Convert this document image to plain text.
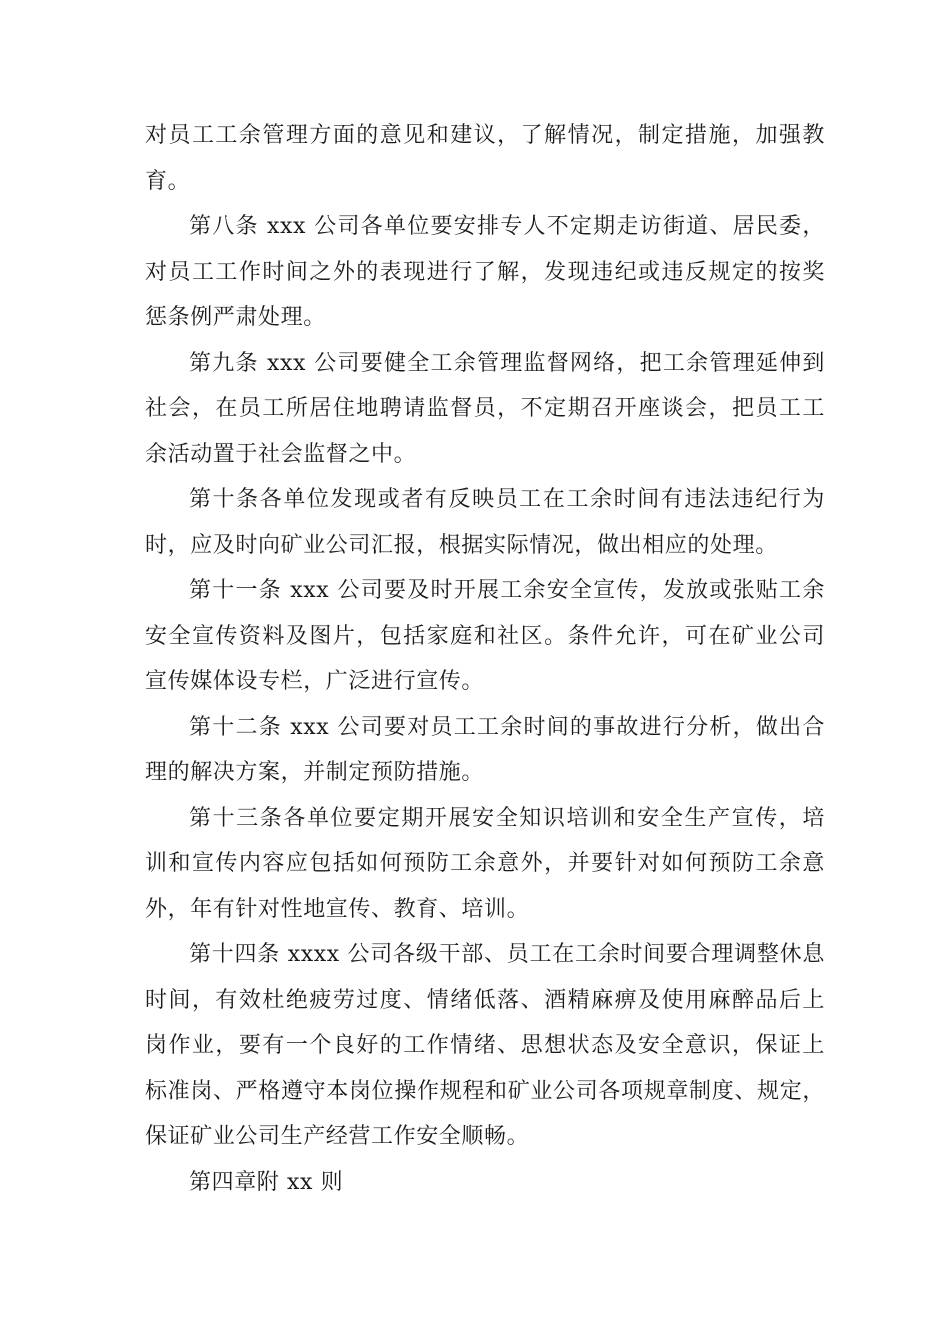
对员工工余管理方面的意见和建议，了解情况，制定措施，加强教
育。
第八条 xxx 公司各单位要安排专人不定期走访街道、居民委，
对员工工作时间之外的表现进行了解，发现违纪或违反规定的按奖
惩条例严肃处理。
第九条 xxx 公司要健全工余管理监督网络，把工余管理延伸到
社会，在员工所居住地聘请监督员，不定期召开座谈会，把员工工
余活动置于社会监督之中。
第十条各单位发现或者有反映员工在工余时间有违法违纪行为
时，应及时向矿业公司汇报，根据实际情况，做出相应的处理。
第十一条 xxx 公司要及时开展工余安全宣传，发放或张贴工余
安全宣传资料及图片，包括家庭和社区。条件允许，可在矿业公司
宣传媒体设专栏，广泛进行宣传。
第十二条 xxx 公司要对员工工余时间的事故进行分析，做出合
理的解决方案，并制定预防措施。
第十三条各单位要定期开展安全知识培训和安全生产宣传，培
训和宣传内容应包括如何预防工余意外，并要针对如何预防工余意
外，年有针对性地宣传、教育、培训。
第十四条 xxxx 公司各级干部、员工在工余时间要合理调整休息
时间，有效杜绝疲劳过度、情绪低落、酒精麻痹及使用麻醉品后上
岗作业，要有一个良好的工作情绪、思想状态及安全意识，保证上
标准岗、严格遵守本岗位操作规程和矿业公司各项规章制度、规定，
保证矿业公司生产经营工作安全顺畅。
第四章附 xx 则
